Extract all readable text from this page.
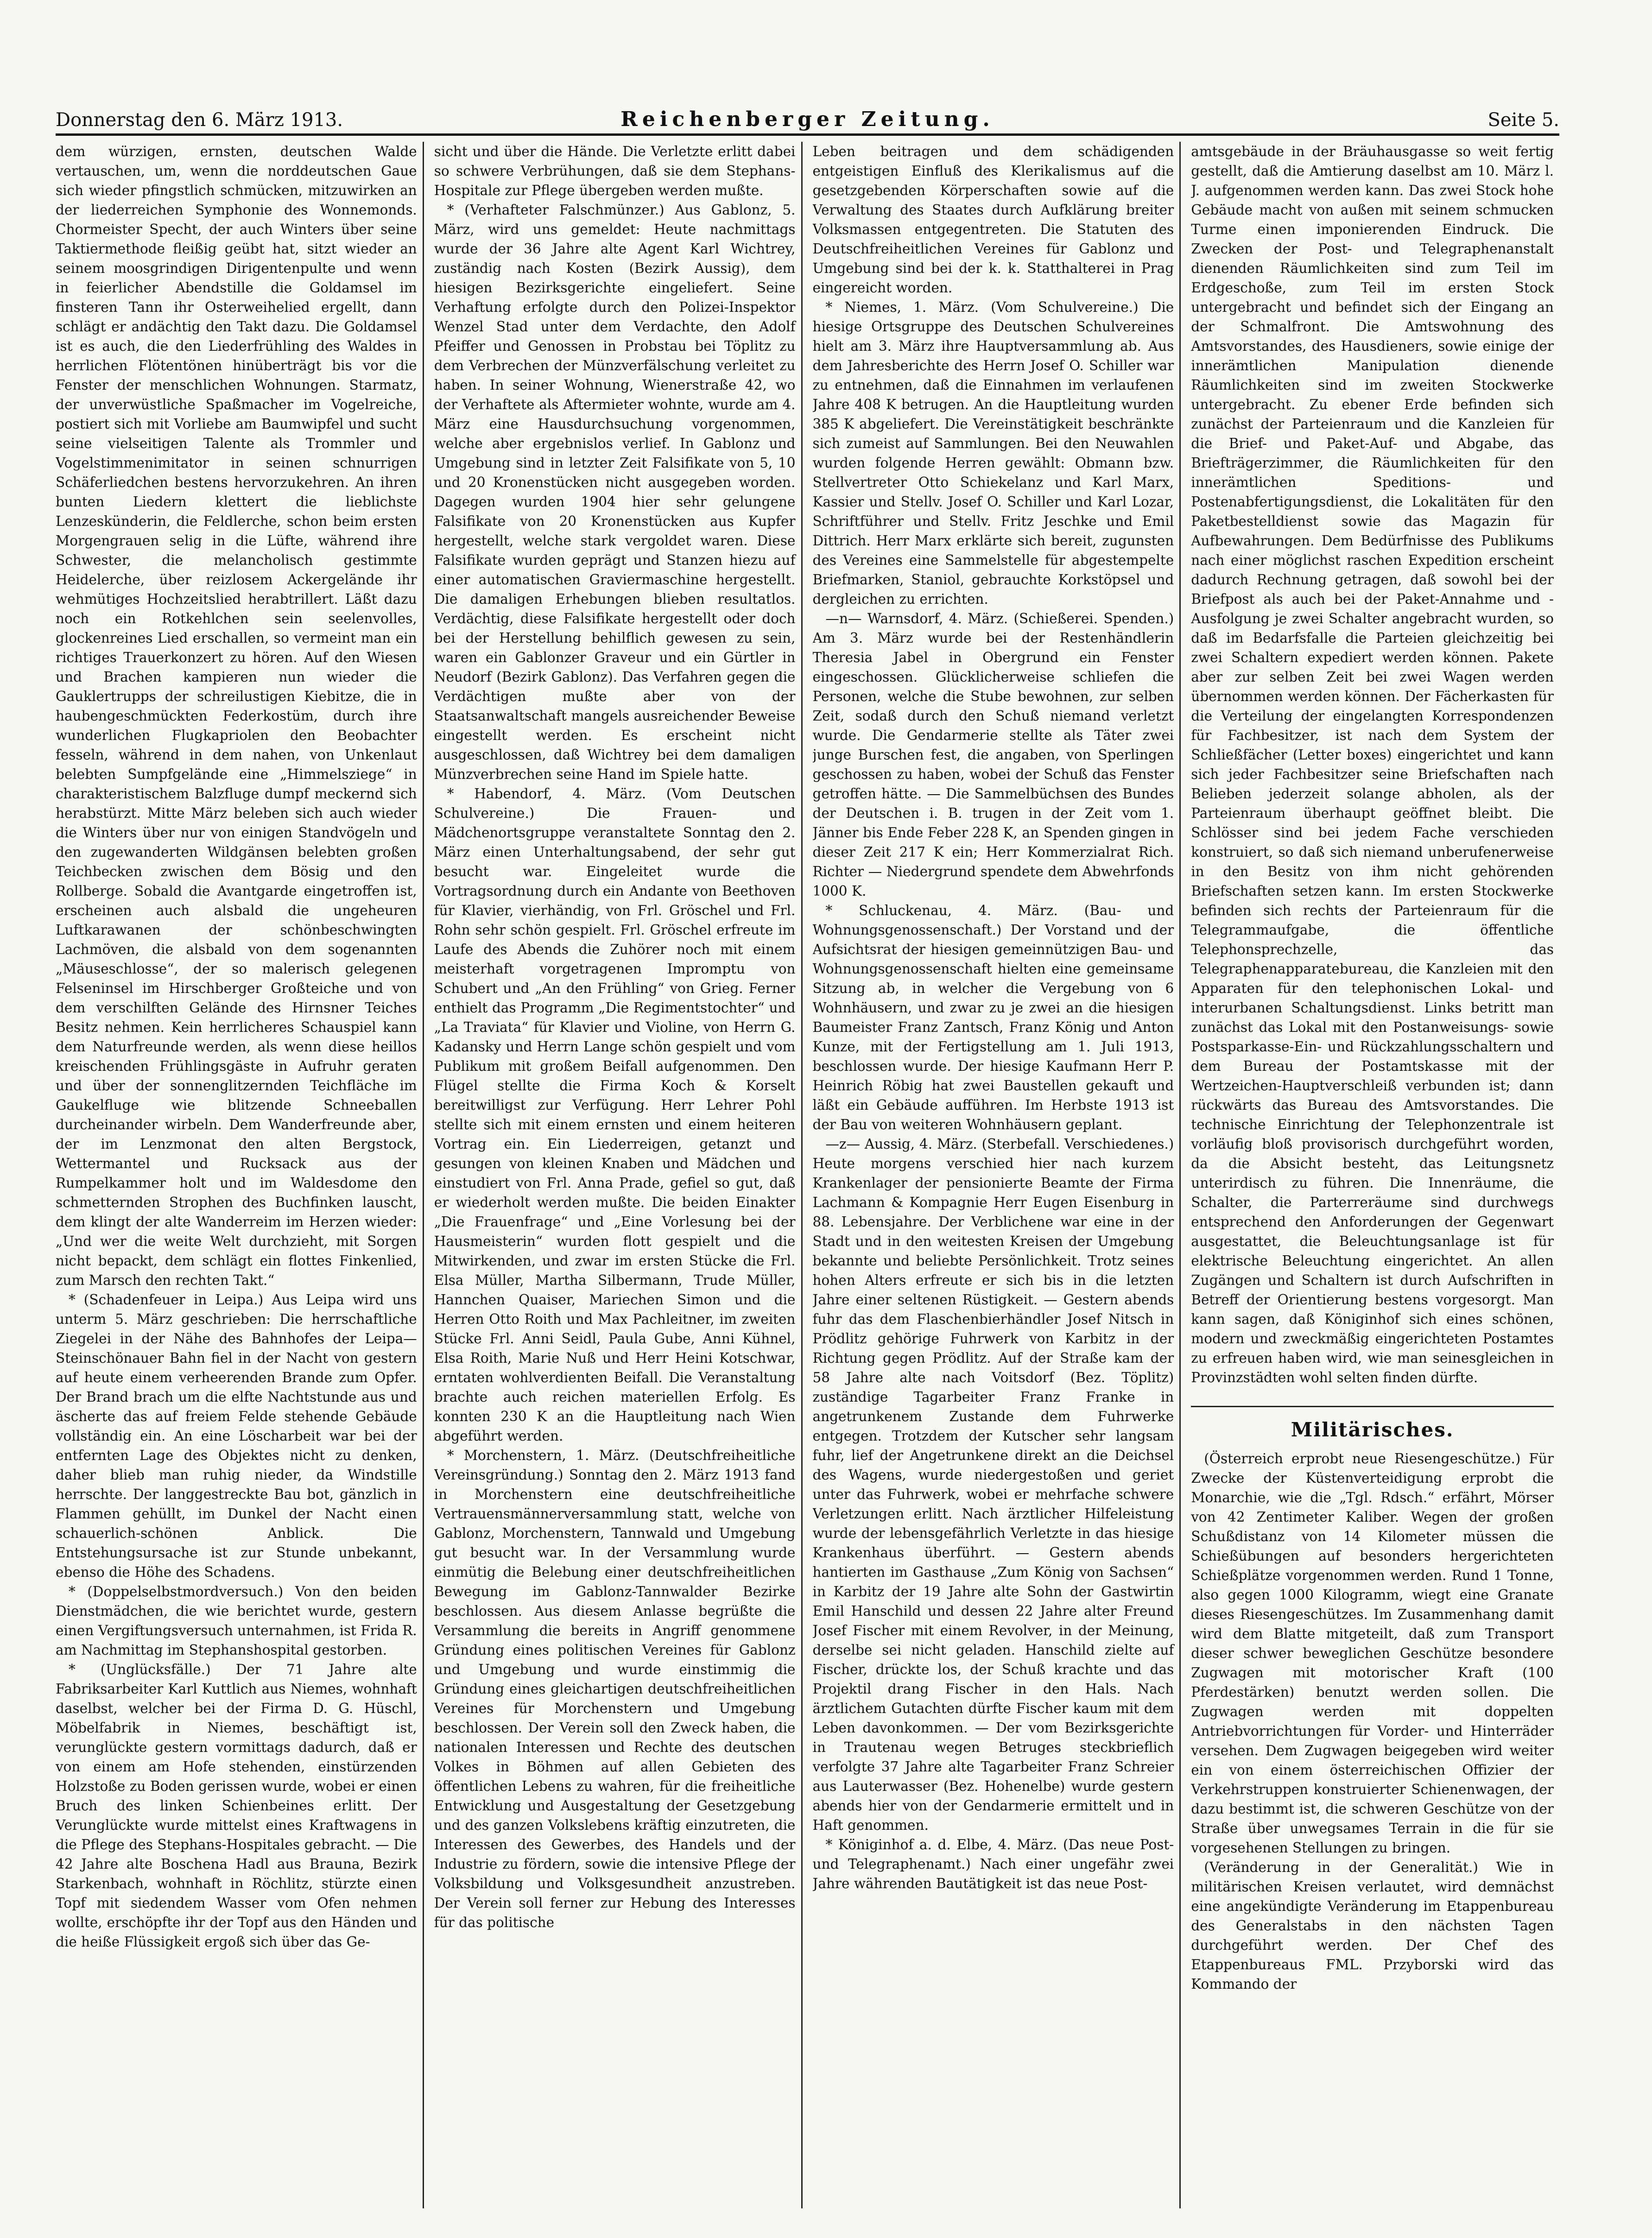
Donnerstag den 6. März 1913.	Reichenberger Zeitung.	Seite 5.

dem würzigen, ernsten, deutschen Walde vertauschen, um, wenn die norddeutschen Gaue sich wieder pfingstlich schmücken, mitzuwirken an der liederreichen Symphonie des Wonnemonds. Chormeister Specht, der auch Winters über seine Taktiermethode fleißig geübt hat, sitzt wieder an seinem moosgrindigen Dirigentenpulte und wenn in feierlicher Abendstille die Goldamsel im finsteren Tann ihr Osterweihelied ergellt, dann schlägt er andächtig den Takt dazu. Die Goldamsel ist es auch, die den Liederfrühling des Waldes in herrlichen Flötentönen hinüberträgt bis vor die Fenster der menschlichen Wohnungen. Starmatz, der unverwüstliche Spaßmacher im Vogelreiche, postiert sich mit Vorliebe am Baumwipfel und sucht seine vielseitigen Talente als Trommler und Vogelstimmenimitator in seinen schnurrigen Schäferliedchen bestens hervorzukehren. An ihren bunten Liedern klettert die lieblichste Lenzeskünderin, die Feldlerche, schon beim ersten Morgengrauen selig in die Lüfte, während ihre Schwester, die melancholisch gestimmte Heidelerche, über reizlosem Ackergelände ihr wehmütiges Hochzeitslied herabtrillert. Läßt dazu noch ein Rotkehlchen sein seelenvolles, glockenreines Lied erschallen, so vermeint man ein richtiges Trauerkonzert zu hören. Auf den Wiesen und Brachen kampieren nun wieder die Gauklertrupps der schreilustigen Kiebitze, die in haubengeschmückten Federkostüm, durch ihre wunderlichen Flugkapriolen den Beobachter fesseln, während in dem nahen, von Unkenlaut belebten Sumpfgelände eine „Himmelsziege“ in charakteristischem Balzfluge dumpf meckernd sich herabstürzt. Mitte März beleben sich auch wieder die Winters über nur von einigen Standvögeln und den zugewanderten Wildgänsen belebten großen Teichbecken zwischen dem Bösig und den Rollberge. Sobald die Avantgarde eingetroffen ist, erscheinen auch alsbald die ungeheuren Luftkarawanen der schönbeschwingten Lachmöven, die alsbald von dem sogenannten „Mäuseschlosse“, der so malerisch gelegenen Felseninsel im Hirschberger Großteiche und von dem verschilften Gelände des Hirnsner Teiches Besitz nehmen. Kein herrlicheres Schauspiel kann dem Naturfreunde werden, als wenn diese heillos kreischenden Frühlingsgäste in Aufruhr geraten und über der sonnenglitzernden Teichfläche im Gaukelfluge wie blitzende Schneeballen durcheinander wirbeln. Dem Wanderfreunde aber, der im Lenzmonat den alten Bergstock, Wettermantel und Rucksack aus der Rumpelkammer holt und im Waldesdome den schmetternden Strophen des Buchfinken lauscht, dem klingt der alte Wanderreim im Herzen wieder: „Und wer die weite Welt durchzieht, mit Sorgen nicht bepackt, dem schlägt ein flottes Finkenlied, zum Marsch den rechten Takt.“

* (Schadenfeuer in Leipa.) Aus Leipa wird uns unterm 5. März geschrieben: Die herrschaftliche Ziegelei in der Nähe des Bahnhofes der Leipa—Steinschönauer Bahn fiel in der Nacht von gestern auf heute einem verheerenden Brande zum Opfer. Der Brand brach um die elfte Nachtstunde aus und äscherte das auf freiem Felde stehende Gebäude vollständig ein. An eine Löscharbeit war bei der entfernten Lage des Objektes nicht zu denken, daher blieb man ruhig nieder, da Windstille herrschte. Der langgestreckte Bau bot, gänzlich in Flammen gehüllt, im Dunkel der Nacht einen schauerlich-schönen Anblick. Die Entstehungsursache ist zur Stunde unbekannt, ebenso die Höhe des Schadens.

* (Doppelselbstmordversuch.) Von den beiden Dienstmädchen, die wie berichtet wurde, gestern einen Vergiftungsversuch unternahmen, ist Frida R. am Nachmittag im Stephanshospital gestorben.

* (Unglücksfälle.) Der 71 Jahre alte Fabriksarbeiter Karl Kuttlich aus Niemes, wohnhaft daselbst, welcher bei der Firma D. G. Hüschl, Möbelfabrik in Niemes, beschäftigt ist, verunglückte gestern vormittags dadurch, daß er von einem am Hofe stehenden, einstürzenden Holzstoße zu Boden gerissen wurde, wobei er einen Bruch des linken Schienbeines erlitt. Der Verunglückte wurde mittelst eines Kraftwagens in die Pflege des Stephans-Hospitales gebracht. — Die 42 Jahre alte Boschena Hadl aus Brauna, Bezirk Starkenbach, wohnhaft in Röchlitz, stürzte einen Topf mit siedendem Wasser vom Ofen nehmen wollte, erschöpfte ihr der Topf aus den Händen und die heiße Flüssigkeit ergoß sich über das Ge-

sicht und über die Hände. Die Verletzte erlitt dabei so schwere Verbrühungen, daß sie dem Stephans-Hospitale zur Pflege übergeben werden mußte.

* (Verhafteter Falschmünzer.) Aus Gablonz, 5. März, wird uns gemeldet: Heute nachmittags wurde der 36 Jahre alte Agent Karl Wichtrey, zuständig nach Kosten (Bezirk Aussig), dem hiesigen Bezirksgerichte eingeliefert. Seine Verhaftung erfolgte durch den Polizei-Inspektor Wenzel Stad unter dem Verdachte, den Adolf Pfeiffer und Genossen in Probstau bei Töplitz zu dem Verbrechen der Münzverfälschung verleitet zu haben. In seiner Wohnung, Wienerstraße 42, wo der Verhaftete als Aftermieter wohnte, wurde am 4. März eine Hausdurchsuchung vorgenommen, welche aber ergebnislos verlief. In Gablonz und Umgebung sind in letzter Zeit Falsifikate von 5, 10 und 20 Kronenstücken nicht ausgegeben worden. Dagegen wurden 1904 hier sehr gelungene Falsifikate von 20 Kronenstücken aus Kupfer hergestellt, welche stark vergoldet waren. Diese Falsifikate wurden geprägt und Stanzen hiezu auf einer automatischen Graviermaschine hergestellt. Die damaligen Erhebungen blieben resultatlos. Verdächtig, diese Falsifikate hergestellt oder doch bei der Herstellung behilflich gewesen zu sein, waren ein Gablonzer Graveur und ein Gürtler in Neudorf (Bezirk Gablonz). Das Verfahren gegen die Verdächtigen mußte aber von der Staatsanwaltschaft mangels ausreichender Beweise eingestellt werden. Es erscheint nicht ausgeschlossen, daß Wichtrey bei dem damaligen Münzverbrechen seine Hand im Spiele hatte.

* Habendorf, 4. März. (Vom Deutschen Schulvereine.) Die Frauen- und Mädchenortsgruppe veranstaltete Sonntag den 2. März einen Unterhaltungsabend, der sehr gut besucht war. Eingeleitet wurde die Vortragsordnung durch ein Andante von Beethoven für Klavier, vierhändig, von Frl. Gröschel und Frl. Rohn sehr schön gespielt. Frl. Gröschel erfreute im Laufe des Abends die Zuhörer noch mit einem meisterhaft vorgetragenen Impromptu von Schubert und „An den Frühling“ von Grieg. Ferner enthielt das Programm „Die Regimentstochter“ und „La Traviata“ für Klavier und Violine, von Herrn G. Kadansky und Herrn Lange schön gespielt und vom Publikum mit großem Beifall aufgenommen. Den Flügel stellte die Firma Koch & Korselt bereitwilligst zur Verfügung. Herr Lehrer Pohl stellte sich mit einem ernsten und einem heiteren Vortrag ein. Ein Liederreigen, getanzt und gesungen von kleinen Knaben und Mädchen und einstudiert von Frl. Anna Prade, gefiel so gut, daß er wiederholt werden mußte. Die beiden Einakter „Die Frauenfrage“ und „Eine Vorlesung bei der Hausmeisterin“ wurden flott gespielt und die Mitwirkenden, und zwar im ersten Stücke die Frl. Elsa Müller, Martha Silbermann, Trude Müller, Hannchen Quaiser, Mariechen Simon und die Herren Otto Roith und Max Pachleitner, im zweiten Stücke Frl. Anni Seidl, Paula Gube, Anni Kühnel, Elsa Roith, Marie Nuß und Herr Heini Kotschwar, erntaten wohlverdienten Beifall. Die Veranstaltung brachte auch reichen materiellen Erfolg. Es konnten 230 K an die Hauptleitung nach Wien abgeführt werden.

* Morchenstern, 1. März. (Deutschfreiheitliche Vereinsgründung.) Sonntag den 2. März 1913 fand in Morchenstern eine deutschfreiheitliche Vertrauensmännerversammlung statt, welche von Gablonz, Morchenstern, Tannwald und Umgebung gut besucht war. In der Versammlung wurde einmütig die Belebung einer deutschfreiheitlichen Bewegung im Gablonz-Tannwalder Bezirke beschlossen. Aus diesem Anlasse begrüßte die Versammlung die bereits in Angriff genommene Gründung eines politischen Vereines für Gablonz und Umgebung und wurde einstimmig die Gründung eines gleichartigen deutschfreiheitlichen Vereines für Morchenstern und Umgebung beschlossen. Der Verein soll den Zweck haben, die nationalen Interessen und Rechte des deutschen Volkes in Böhmen auf allen Gebieten des öffentlichen Lebens zu wahren, für die freiheitliche Entwicklung und Ausgestaltung der Gesetzgebung und des ganzen Volkslebens kräftig einzutreten, die Interessen des Gewerbes, des Handels und der Industrie zu fördern, sowie die intensive Pflege der Volksbildung und Volksgesundheit anzustreben. Der Verein soll ferner zur Hebung des Interesses für das politische

Leben beitragen und dem schädigenden entgeistigen Einfluß des Klerikalismus auf die gesetzgebenden Körperschaften sowie auf die Verwaltung des Staates durch Aufklärung breiter Volksmassen entgegentreten. Die Statuten des Deutschfreiheitlichen Vereines für Gablonz und Umgebung sind bei der k. k. Statthalterei in Prag eingereicht worden.

* Niemes, 1. März. (Vom Schulvereine.) Die hiesige Ortsgruppe des Deutschen Schulvereines hielt am 3. März ihre Hauptversammlung ab. Aus dem Jahresberichte des Herrn Josef O. Schiller war zu entnehmen, daß die Einnahmen im verlaufenen Jahre 408 K betrugen. An die Hauptleitung wurden 385 K abgeliefert. Die Vereinstätigkeit beschränkte sich zumeist auf Sammlungen. Bei den Neuwahlen wurden folgende Herren gewählt: Obmann bzw. Stellvertreter Otto Schiekelanz und Karl Marx, Kassier und Stellv. Josef O. Schiller und Karl Lozar, Schriftführer und Stellv. Fritz Jeschke und Emil Dittrich. Herr Marx erklärte sich bereit, zugunsten des Vereines eine Sammelstelle für abgestempelte Briefmarken, Staniol, gebrauchte Korkstöpsel und dergleichen zu errichten.

—n— Warnsdorf, 4. März. (Schießerei. Spenden.) Am 3. März wurde bei der Restenhändlerin Theresia Jabel in Obergrund ein Fenster eingeschossen. Glücklicherweise schliefen die Personen, welche die Stube bewohnen, zur selben Zeit, sodaß durch den Schuß niemand verletzt wurde. Die Gendarmerie stellte als Täter zwei junge Burschen fest, die angaben, von Sperlingen geschossen zu haben, wobei der Schuß das Fenster getroffen hätte. — Die Sammelbüchsen des Bundes der Deutschen i. B. trugen in der Zeit vom 1. Jänner bis Ende Feber 228 K, an Spenden gingen in dieser Zeit 217 K ein; Herr Kommerzialrat Rich. Richter — Niedergrund spendete dem Abwehrfonds 1000 K.

* Schluckenau, 4. März. (Bau- und Wohnungsgenossenschaft.) Der Vorstand und der Aufsichtsrat der hiesigen gemeinnützigen Bau- und Wohnungsgenossenschaft hielten eine gemeinsame Sitzung ab, in welcher die Vergebung von 6 Wohnhäusern, und zwar zu je zwei an die hiesigen Baumeister Franz Zantsch, Franz König und Anton Kunze, mit der Fertigstellung am 1. Juli 1913, beschlossen wurde. Der hiesige Kaufmann Herr P. Heinrich Röbig hat zwei Baustellen gekauft und läßt ein Gebäude aufführen. Im Herbste 1913 ist der Bau von weiteren Wohnhäusern geplant.

—z— Aussig, 4. März. (Sterbefall. Verschiedenes.) Heute morgens verschied hier nach kurzem Krankenlager der pensionierte Beamte der Firma Lachmann & Kompagnie Herr Eugen Eisenburg in 88. Lebensjahre. Der Verblichene war eine in der Stadt und in den weitesten Kreisen der Umgebung bekannte und beliebte Persönlichkeit. Trotz seines hohen Alters erfreute er sich bis in die letzten Jahre einer seltenen Rüstigkeit. — Gestern abends fuhr das dem Flaschenbierhändler Josef Nitsch in Prödlitz gehörige Fuhrwerk von Karbitz in der Richtung gegen Prödlitz. Auf der Straße kam der 58 Jahre alte nach Voitsdorf (Bez. Töplitz) zuständige Tagarbeiter Franz Franke in angetrunkenem Zustande dem Fuhrwerke entgegen. Trotzdem der Kutscher sehr langsam fuhr, lief der Angetrunkene direkt an die Deichsel des Wagens, wurde niedergestoßen und geriet unter das Fuhrwerk, wobei er mehrfache schwere Verletzungen erlitt. Nach ärztlicher Hilfeleistung wurde der lebensgefährlich Verletzte in das hiesige Krankenhaus überführt. — Gestern abends hantierten im Gasthause „Zum König von Sachsen“ in Karbitz der 19 Jahre alte Sohn der Gastwirtin Emil Hanschild und dessen 22 Jahre alter Freund Josef Fischer mit einem Revolver, in der Meinung, derselbe sei nicht geladen. Hanschild zielte auf Fischer, drückte los, der Schuß krachte und das Projektil drang Fischer in den Hals. Nach ärztlichem Gutachten dürfte Fischer kaum mit dem Leben davonkommen. — Der vom Bezirksgerichte in Trautenau wegen Betruges steckbrieflich verfolgte 37 Jahre alte Tagarbeiter Franz Schreier aus Lauterwasser (Bez. Hohenelbe) wurde gestern abends hier von der Gendarmerie ermittelt und in Haft genommen.

* Königinhof a. d. Elbe, 4. März. (Das neue Post- und Telegraphenamt.) Nach einer ungefähr zwei Jahre währenden Bautätigkeit ist das neue Post-

amtsgebäude in der Bräuhausgasse so weit fertig gestellt, daß die Amtierung daselbst am 10. März l. J. aufgenommen werden kann. Das zwei Stock hohe Gebäude macht von außen mit seinem schmucken Turme einen imponierenden Eindruck. Die Zwecken der Post- und Telegraphenanstalt dienenden Räumlichkeiten sind zum Teil im Erdgeschoße, zum Teil im ersten Stock untergebracht und befindet sich der Eingang an der Schmalfront. Die Amtswohnung des Amtsvorstandes, des Hausdieners, sowie einige der innerämtlichen Manipulation dienende Räumlichkeiten sind im zweiten Stockwerke untergebracht. Zu ebener Erde befinden sich zunächst der Parteienraum und die Kanzleien für die Brief- und Paket-Auf- und Abgabe, das Briefträgerzimmer, die Räumlichkeiten für den innerämtlichen Speditions- und Postenabfertigungsdienst, die Lokalitäten für den Paketbestelldienst sowie das Magazin für Aufbewahrungen. Dem Bedürfnisse des Publikums nach einer möglichst raschen Expedition erscheint dadurch Rechnung getragen, daß sowohl bei der Briefpost als auch bei der Paket-Annahme und -Ausfolgung je zwei Schalter angebracht wurden, so daß im Bedarfsfalle die Parteien gleichzeitig bei zwei Schaltern expediert werden können. Pakete aber zur selben Zeit bei zwei Wagen werden übernommen werden können. Der Fächerkasten für die Verteilung der eingelangten Korrespondenzen für Fachbesitzer, ist nach dem System der Schließfächer (Letter boxes) eingerichtet und kann sich jeder Fachbesitzer seine Briefschaften nach Belieben jederzeit solange abholen, als der Parteienraum überhaupt geöffnet bleibt. Die Schlösser sind bei jedem Fache verschieden konstruiert, so daß sich niemand unberufenerweise in den Besitz von ihm nicht gehörenden Briefschaften setzen kann. Im ersten Stockwerke befinden sich rechts der Parteienraum für die Telegrammaufgabe, die öffentliche Telephonsprechzelle, das Telegraphenapparatebureau, die Kanzleien mit den Apparaten für den telephonischen Lokal- und interurbanen Schaltungsdienst. Links betritt man zunächst das Lokal mit den Postanweisungs- sowie Postsparkasse-Ein- und Rückzahlungsschaltern und dem Bureau der Postamtskasse mit der Wertzeichen-Hauptverschleiß verbunden ist; dann rückwärts das Bureau des Amtsvorstandes. Die technische Einrichtung der Telephonzentrale ist vorläufig bloß provisorisch durchgeführt worden, da die Absicht besteht, das Leitungsnetz unterirdisch zu führen. Die Innenräume, die Schalter, die Parterreräume sind durchwegs entsprechend den Anforderungen der Gegenwart ausgestattet, die Beleuchtungsanlage ist für elektrische Beleuchtung eingerichtet. An allen Zugängen und Schaltern ist durch Aufschriften in Betreff der Orientierung bestens vorgesorgt. Man kann sagen, daß Königinhof sich eines schönen, modern und zweckmäßig eingerichteten Postamtes zu erfreuen haben wird, wie man seinesgleichen in Provinzstädten wohl selten finden dürfte.

Militärisches.

(Österreich erprobt neue Riesengeschütze.) Für Zwecke der Küstenverteidigung erprobt die Monarchie, wie die „Tgl. Rdsch.“ erfährt, Mörser von 42 Zentimeter Kaliber. Wegen der großen Schußdistanz von 14 Kilometer müssen die Schießübungen auf besonders hergerichteten Schießplätze vorgenommen werden. Rund 1 Tonne, also gegen 1000 Kilogramm, wiegt eine Granate dieses Riesengeschützes. Im Zusammenhang damit wird dem Blatte mitgeteilt, daß zum Transport dieser schwer beweglichen Geschütze besondere Zugwagen mit motorischer Kraft (100 Pferdestärken) benutzt werden sollen. Die Zugwagen werden mit doppelten Antriebvorrichtungen für Vorder- und Hinterräder versehen. Dem Zugwagen beigegeben wird weiter ein von einem österreichischen Offizier der Verkehrstruppen konstruierter Schienenwagen, der dazu bestimmt ist, die schweren Geschütze von der Straße über unwegsames Terrain in die für sie vorgesehenen Stellungen zu bringen.

(Veränderung in der Generalität.) Wie in militärischen Kreisen verlautet, wird demnächst eine angekündigte Veränderung im Etappenbureau des Generalstabs in den nächsten Tagen durchgeführt werden. Der Chef des Etappenbureaus FML. Przyborski wird das Kommando der
